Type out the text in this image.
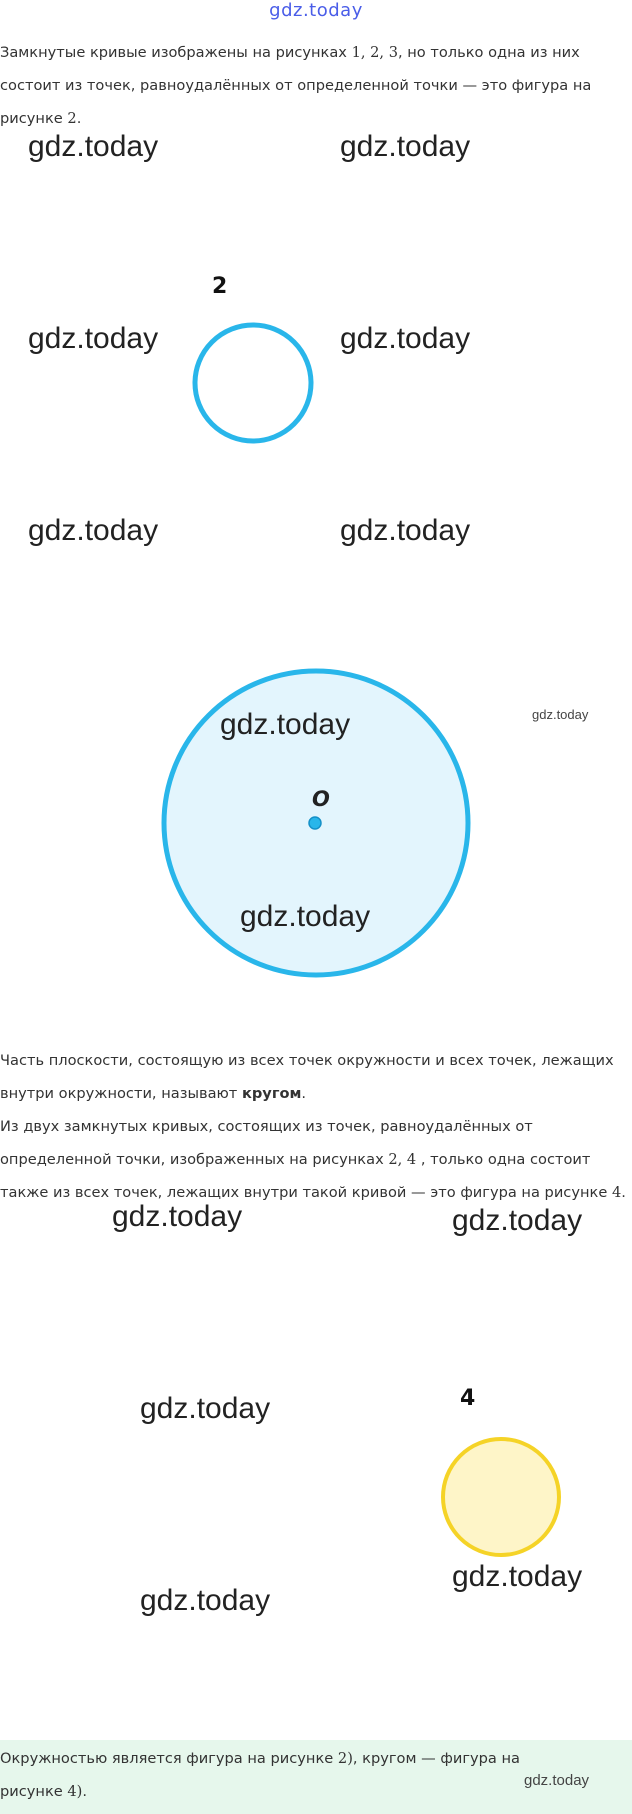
gdz.today
Замкнутые кривые изображены на рисунках 1, 2, 3, но только одна из них состоит из точек, равноудалённых от определенной точки — это фигура на рисунке 2.
gdz.today	gdz.today
2
gdz.today	gdz.today
gdz.today	gdz.today
O
gdz.today
gdz.today
gdz.today
Часть плоскости, состоящую из всех точек окружности и всех точек, лежащих внутри окружности, называют кругом.
Из двух замкнутых кривых, состоящих из точек, равноудалённых от определенной точки, изображенных на рисунках 2, 4 , только одна состоит также из всех точек, лежащих внутри такой кривой — это фигура на рисунке 4.
gdz.today	gdz.today
gdz.today	4
gdz.today
gdz.today
Окружностью является фигура на рисунке 2), кругом — фигура на рисунке 4).
gdz.today
